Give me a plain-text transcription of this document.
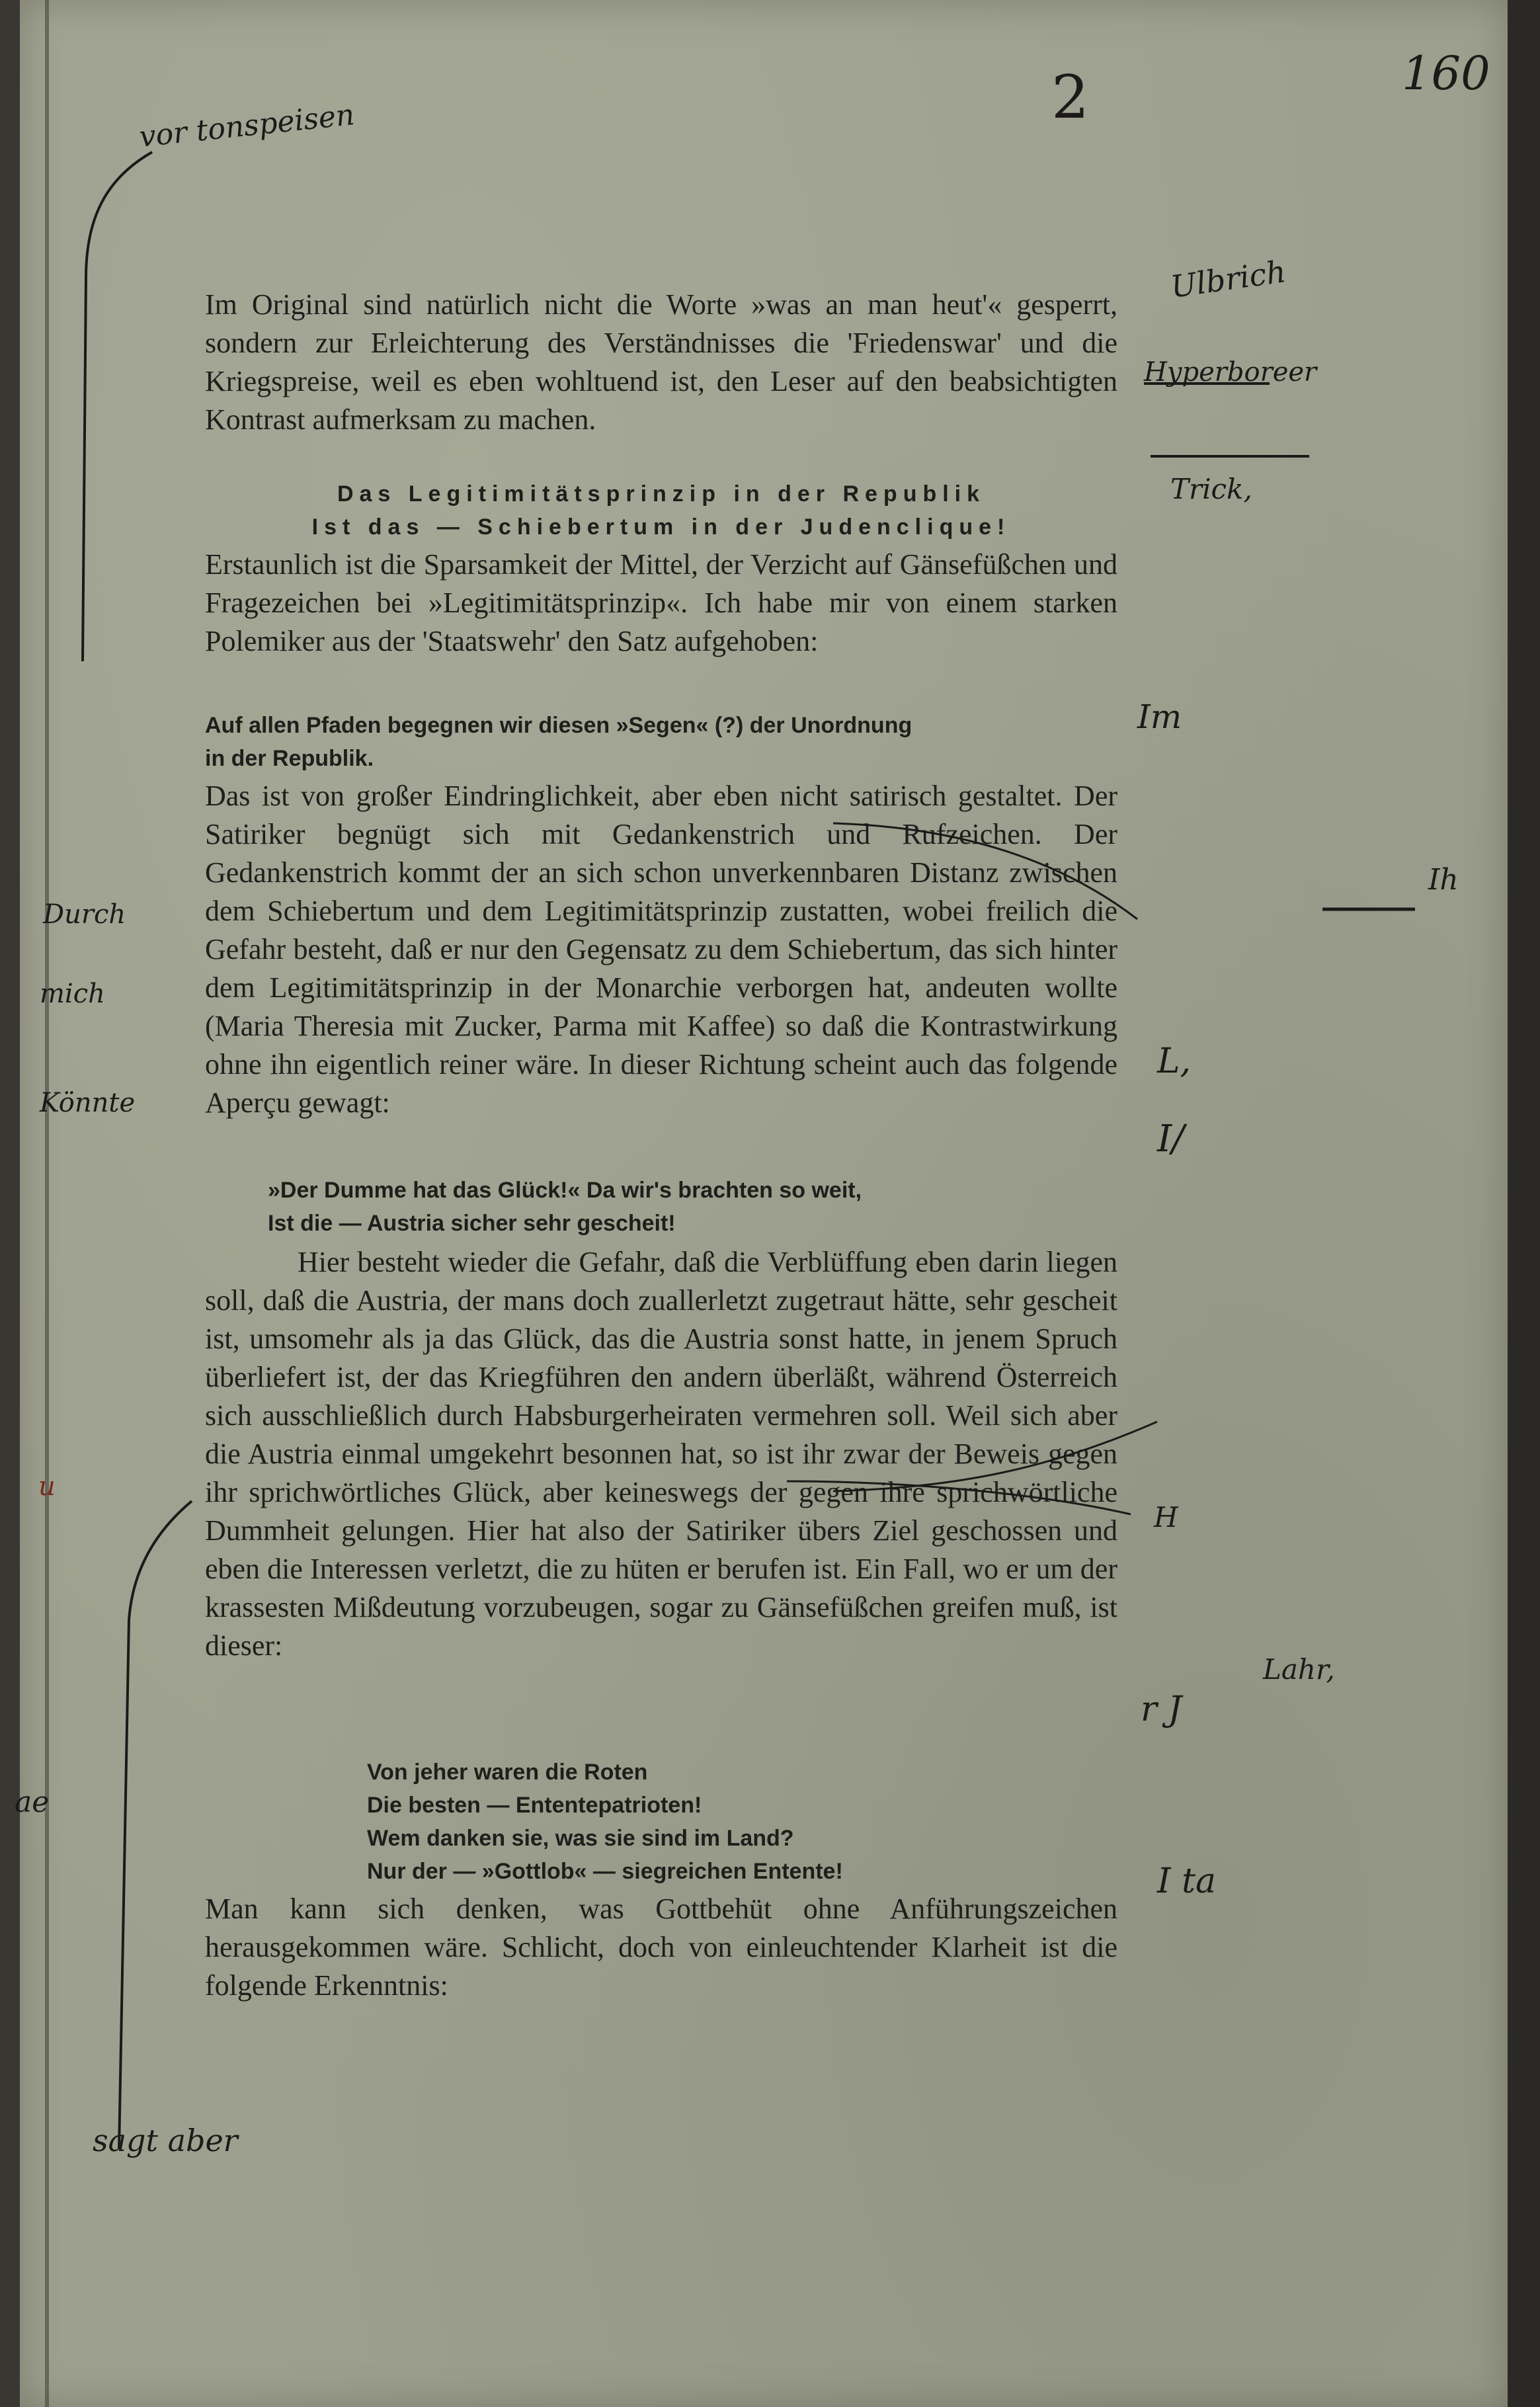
2	160
vor tonspeisen

Im Original sind natürlich nicht die Worte »was an man heut'« gesperrt, sondern zur Erleichterung des Verständnisses die 'Friedenswar' und die Kriegspreise, weil es eben wohltuend ist, den Leser auf den beabsichtigten Kontrast aufmerksam zu machen.

Das Legitimitätsprinzip in der Republik
Ist das — Schiebertum in der Judenclique!

Erstaunlich ist die Sparsamkeit der Mittel, der Verzicht auf Gänsefüßchen und Fragezeichen bei »Legitimitätsprinzip«. Ich habe mir von einem starken Polemiker aus der 'Staatswehr' den Satz aufgehoben:

Auf allen Pfaden begegnen wir diesen »Segen« (?) der Unordnung
in der Republik.

Das ist von großer Eindringlichkeit, aber eben nicht satirisch gestaltet. Der Satiriker begnügt sich mit Gedankenstrich und Rufzeichen. Der Gedankenstrich kommt der an sich schon unverkennbaren Distanz zwischen dem Schiebertum und dem Legitimitätsprinzip zustatten, wobei freilich die Gefahr besteht, daß er nur den Gegensatz zu dem Schiebertum, das sich hinter dem Legitimitätsprinzip in der Monarchie verborgen hat, andeuten wollte (Maria Theresia mit Zucker, Parma mit Kaffee) so daß die Kontrastwirkung ohne ihn eigentlich reiner wäre. In dieser Richtung scheint auch das folgende Aperçu gewagt:

»Der Dumme hat das Glück!« Da wir's brachten so weit,
Ist die — Austria sicher sehr gescheit!

Hier besteht wieder die Gefahr, daß die Verblüffung eben darin liegen soll, daß die Austria, der mans doch zuallerletzt zugetraut hätte, sehr gescheit ist, umsomehr als ja das Glück, das die Austria sonst hatte, in jenem Spruch überliefert ist, der das Kriegführen den andern überläßt, während Österreich sich ausschließlich durch Habsburgerheiraten vermehren soll. Weil sich aber die Austria einmal umgekehrt besonnen hat, so ist ihr zwar der Beweis gegen ihr sprichwörtliches Glück, aber keineswegs der gegen ihre sprichwörtliche Dummheit gelungen. Hier hat also der Satiriker übers Ziel geschossen und eben die Interessen verletzt, die zu hüten er berufen ist. Ein Fall, wo er um der krassesten Mißdeutung vorzubeugen, sogar zu Gänsefüßchen greifen muß, ist dieser:

Von jeher waren die Roten
Die besten — Ententepatrioten!
Wem danken sie, was sie sind im Land?
Nur der — »Gottlob« — siegreichen Entente!

Man kann sich denken, was Gottbehüt ohne Anführungszeichen herausgekommen wäre. Schlicht, doch von einleuchtender Klarheit ist die folgende Erkenntnis:

Ulbrich
Hyperboreer
Trick,
Im
Ih
L,
I/
H
r J
Lahr,
I ta
Durch
mich
Könnte
u
ae
sagt aber
